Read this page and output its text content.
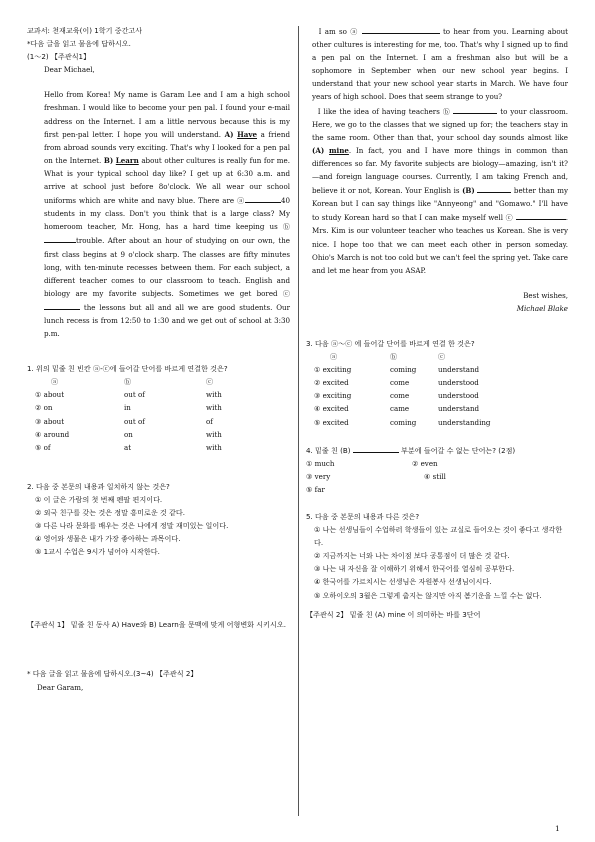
교과서: 천재교육(이) 1학기 중간고사

*다음 글을 읽고 물음에 답하시오.

(1～2) 【주관식1】

Dear Michael,

Hello from Korea! My name is Garam Lee and I am a high school freshman. I would like to become your pen pal. I found your e-mail address on the Internet. I am a little nervous because this is my first pen-pal letter. I hope you will understand. A) Have a friend from abroad sounds very exciting. That's why I looked for a pen pal on the Internet. B) Learn about other cultures is really fun for me. What is your typical school day like? I get up at 6:30 a.m. and arrive at school just before 8o'clock. We all wear our school uniforms which are white and navy blue. There are ⓐ	40 students in my class. Don't you think that is a large class? My homeroom teacher, Mr. Hong, has a hard time keeping us ⓑtrouble. After about an hour of studying on our own, the first class begins at 9 o'clock sharp. The classes are fifty minutes long, with ten-minute recesses between them. For each subject, a different teacher comes to our classroom to teach. English and biology are my favorite subjects. Sometimes we get bored ⓒ the lessons but all and all we are good students. Our lunch recess is from 12:50 to 1:30 and we get out of school at 3:30 p.m.

1. 위의 밑줄 친 빈칸 ⓐ-ⓒ에 들어갈 단어를 바르게 연결한 것은?

	ⓐ	ⓑ	ⓒ
① about		out of	with
② on		in	with
③ about		out of	of
④ around		on	with
⑤ of		at	with

2. 다음 중 본문의 내용과 일치하지 않는 것은?

① 이 글은 가람의 첫 번째 펜팔 편지이다.

② 외국 친구를 갖는 것은 정말 흥미로운 것 같다.

③ 다른 나라 문화를 배우는 것은 나에게 정말 재미있는 일이다.

④ 영어와 생물은 내가 가장 좋아하는 과목이다.

⑤ 1교시 수업은 9시가 넘어야 시작한다.

【주관식 1】 밑줄 친 동사 A) Have와 B) Learn을 문맥에 맞게 어형변화 시키시오.

* 다음 글을 읽고 물음에 답하시오.(3~4) 【주관식 2】

Dear Garam,

I am so ⓐ	to hear from you. Learning about other cultures is interesting for me, too. That's why I signed up to find a pen pal on the Internet. I am a freshman also but will be a sophomore in September when our new school year begins. I understand that your new school year starts in March. We have four years of high school. Does that seem strange to you?

I like the idea of having teachers ⓑ	to your classroom. Here, we go to the classes that we signed up for; the teachers stay in the same room. Other than that, your school day sounds almost like (A) mine. In fact, you and I have more things in common than differences so far. My favorite subjects are biology—amazing, isn't it?—and foreign language courses. Currently, I am taking French and, believe it or not, Korean. Your English is (B)	better than my Korean but I can say things like "Annyeong" and "Gomawo." I'll have to study Korean hard so that I can make myself well ⓒ	. Mrs. Kim is our volunteer teacher who teaches us Korean. She is very nice. I hope too that we can meet each other in person someday. Ohio's March is not too cold but we can't feel the spring yet. Take care and let me hear from you ASAP.

Best wishes,

Michael Blake

3. 다음 ⓐ～ⓒ 에 들어갈 단어를 바르게 연결 한 것은?

	ⓐ	ⓑ	ⓒ
① exciting		coming	understand
② excited		come	understood
③ exciting		come	understood
④ excited		came	understand
⑤ excited		coming	understanding

4. 밑줄 친 (B)	부분에 들어갈 수 없는 단어는? (2점)

① much	② even
③ very	④ still
⑤ far	

5. 다음 중 본문의 내용과 다른 것은?

① 나는 선생님들이 수업하러 학생들이 있는 교실로 들어오는 것이 좋다고 생각한다.

② 지금까지는 너와 나는 차이점 보다 공통점이 더 많은 것 같다.

③ 나는 내 자신을 잘 이해하기 위해서 한국어를 열심히 공부한다.

④ 한국어를 가르치시는 선생님은 자원봉사 선생님이시다.

⑤ 오하이오의 3월은 그렇게 춥지는 않지만 아직 봄기운을 느낄 수는 없다.

【주관식 2】 밑줄 친 (A) mine 이 의미하는 바를 3단어

1
